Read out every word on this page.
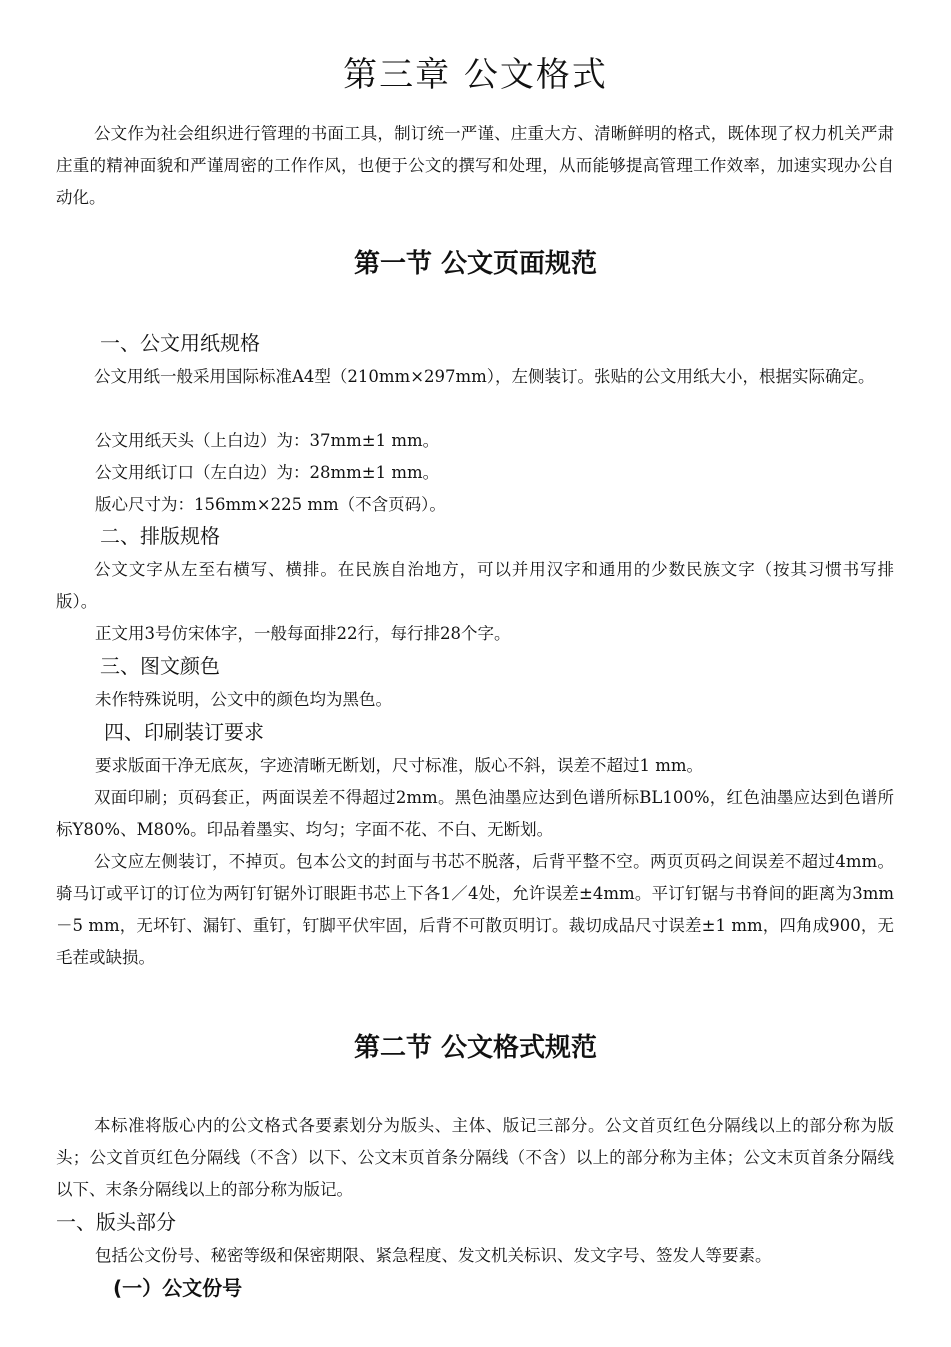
第三章 公文格式
公文作为社会组织进行管理的书面工具，制订统一严谨、庄重大方、清晰鲜明的格式，既体现了权力机关严肃庄重的精神面貌和严谨周密的工作作风，也便于公文的撰写和处理，从而能够提高管理工作效率，加速实现办公自动化。
第一节 公文页面规范
一、公文用纸规格
公文用纸一般采用国际标准A4型（210mm×297mm），左侧装订。张贴的公文用纸大小，根据实际确定。
公文用纸天头（上白边）为：37mm±1 mm。
公文用纸订口（左白边）为：28mm±1 mm。
版心尺寸为：156mm×225 mm（不含页码）。
二、排版规格
公文文字从左至右横写、横排。在民族自治地方，可以并用汉字和通用的少数民族文字（按其习惯书写排版）。
正文用3号仿宋体字，一般每面排22行，每行排28个字。
三、图文颜色
未作特殊说明，公文中的颜色均为黑色。
四、印刷装订要求
要求版面干净无底灰，字迹清晰无断划，尺寸标准，版心不斜，误差不超过1 mm。
双面印刷；页码套正，两面误差不得超过2mm。黑色油墨应达到色谱所标BL100%，红色油墨应达到色谱所标Y80%、M80%。印品着墨实、均匀；字面不花、不白、无断划。
公文应左侧装订，不掉页。包本公文的封面与书芯不脱落，后背平整不空。两页页码之间误差不超过4mm。骑马订或平订的订位为两钉钉锯外订眼距书芯上下各1／4处，允许误差±4mm。平订钉锯与书脊间的距离为3mm－5 mm，无坏钉、漏钉、重钉，钉脚平伏牢固，后背不可散页明订。裁切成品尺寸误差±1 mm，四角成900，无毛茬或缺损。
第二节 公文格式规范
本标准将版心内的公文格式各要素划分为版头、主体、版记三部分。公文首页红色分隔线以上的部分称为版头；公文首页红色分隔线（不含）以下、公文末页首条分隔线（不含）以上的部分称为主体；公文末页首条分隔线以下、末条分隔线以上的部分称为版记。
一、版头部分
包括公文份号、秘密等级和保密期限、紧急程度、发文机关标识、发文字号、签发人等要素。
(一）公文份号
